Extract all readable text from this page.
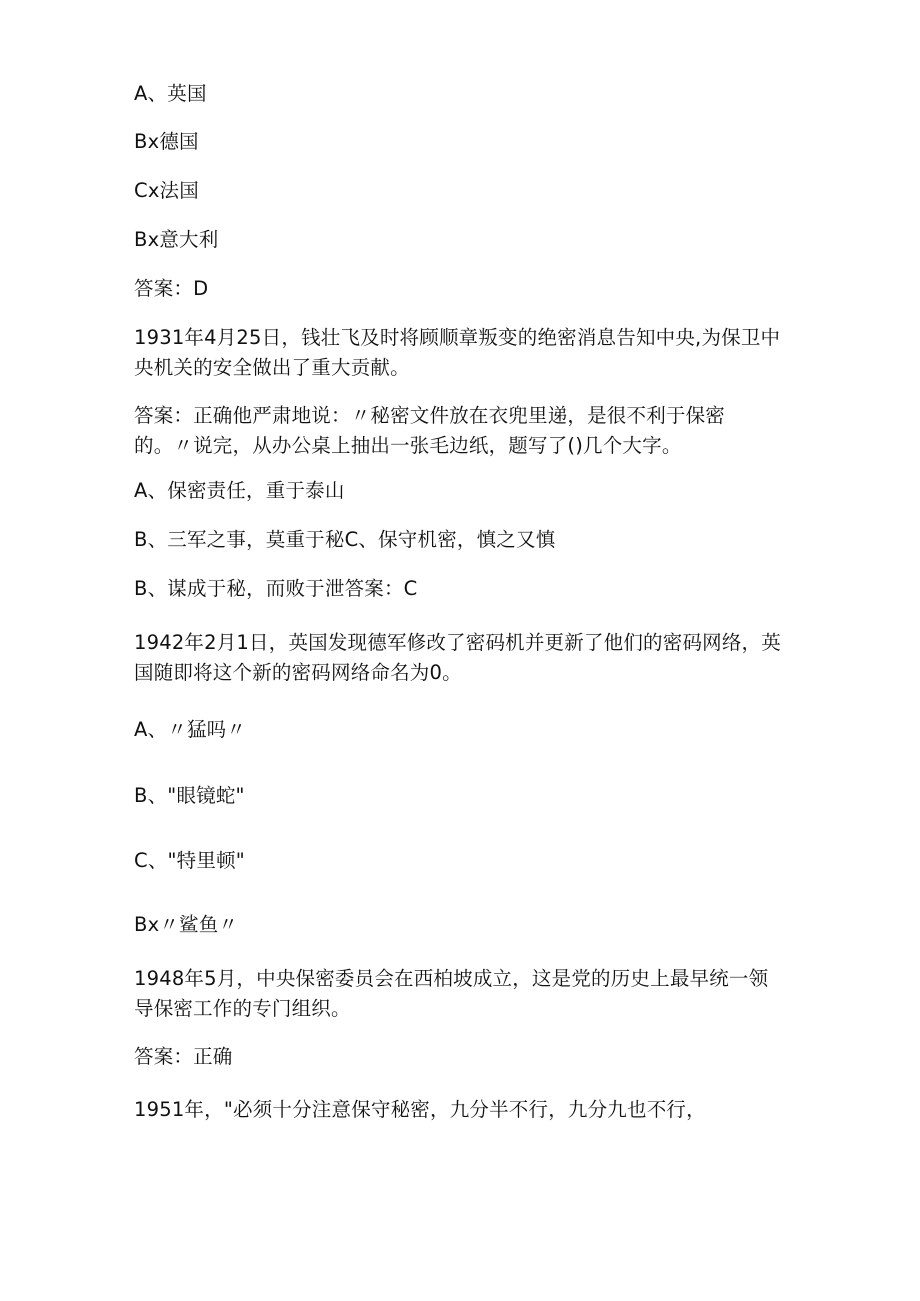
A、英国
Bx德国
Cx法国
Bx意大利
答案：D
1931年4月25日，钱壮飞及时将顾顺章叛变的绝密消息告知中央,为保卫中
央机关的安全做出了重大贡献。
答案：正确他严肃地说：〃秘密文件放在衣兜里递，是很不利于保密
的。〃说完，从办公桌上抽出一张毛边纸，题写了()几个大字。
A、保密责任，重于泰山
B、三军之事，莫重于秘C、保守机密，慎之又慎
B、谋成于秘，而败于泄答案：C
1942年2月1日，英国发现德军修改了密码机并更新了他们的密码网络，英
国随即将这个新的密码网络命名为0。
A、〃猛吗〃
B、"眼镜蛇"
C、"特里顿"
Bx〃鲨鱼〃
1948年5月，中央保密委员会在西柏坡成立，这是党的历史上最早统一领
导保密工作的专门组织。
答案：正确
1951年，"必须十分注意保守秘密，九分半不行，九分九也不行，
